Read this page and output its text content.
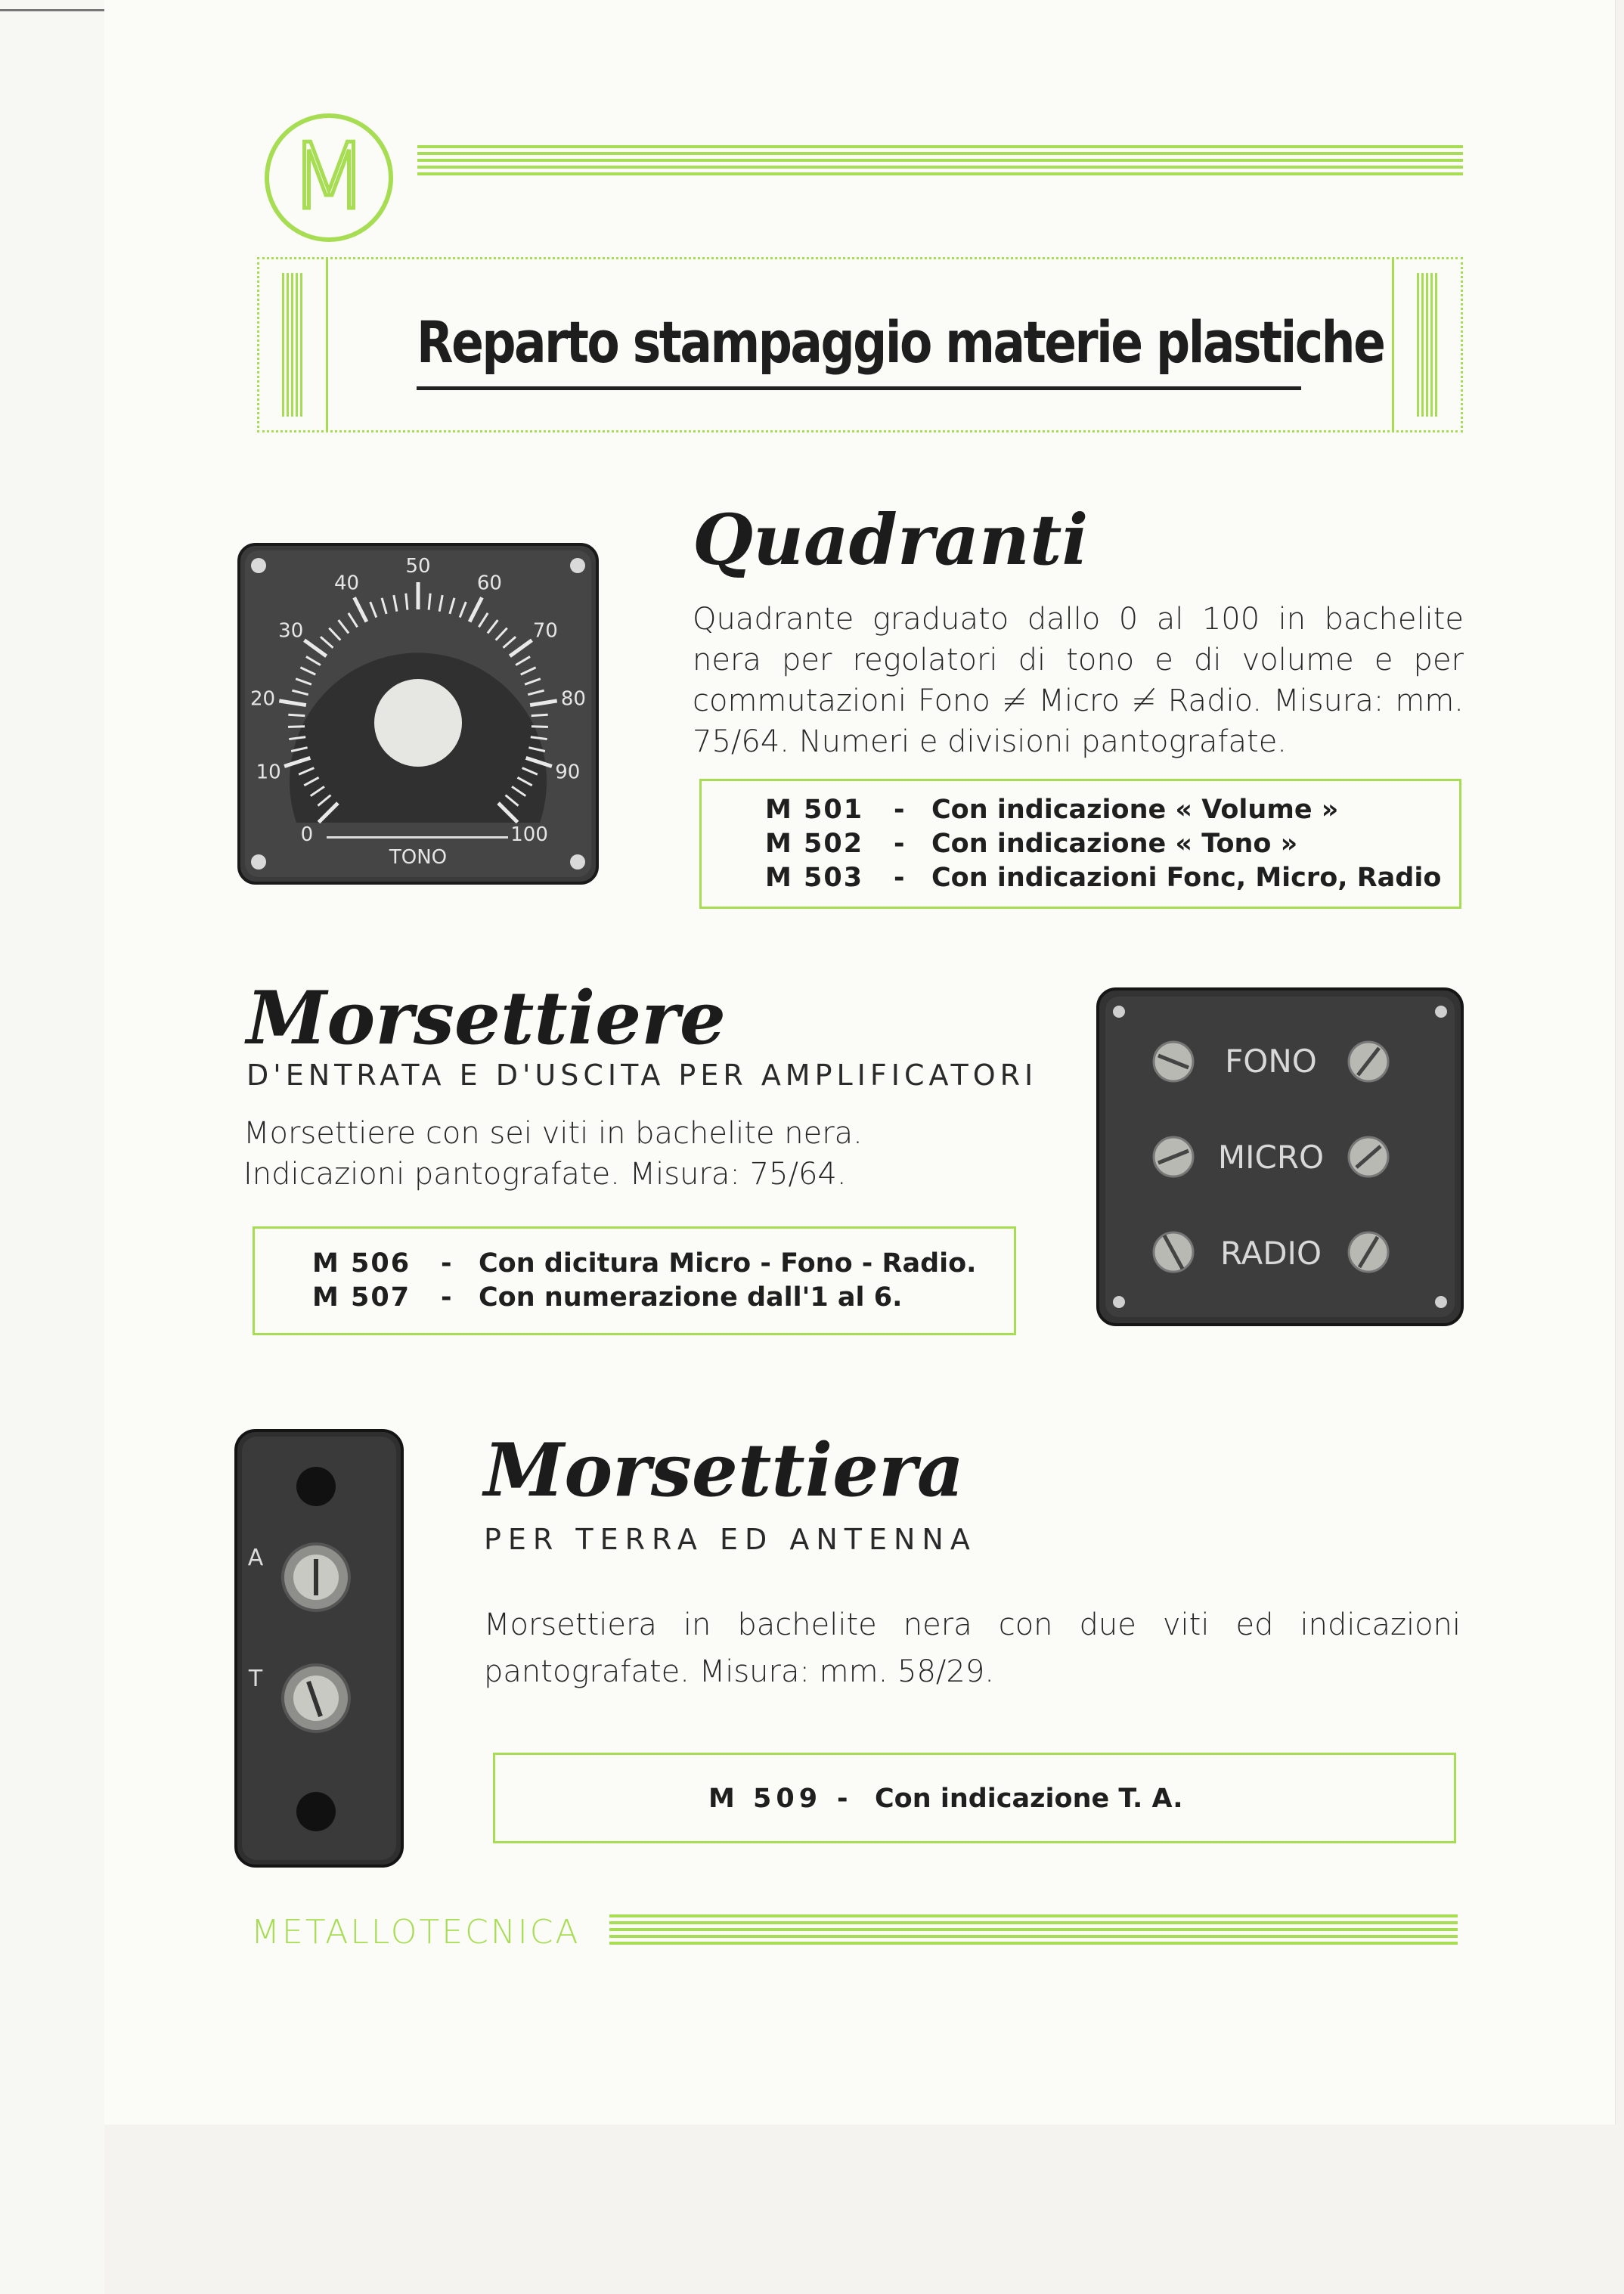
M
Reparto stampaggio materie plastiche
0
10
20
30
40
50
60
70
80
90
100
TONO
Quadranti
Quadrante graduato dallo 0 al 100 in bachelite nera per regolatori di tono e di volume e per commutazioni Fono ≠ Micro ≠ Radio. Misura: mm. 75/64. Numeri e divisioni pantografate.
M 501 - Con indicazione « Volume »
M 502 - Con indicazione « Tono »
M 503 - Con indicazioni Fonc, Micro, Radio
Morsettiere
D'ENTRATA E D'USCITA PER AMPLIFICATORI
Morsettiere con sei viti in bachelite nera. Indicazioni pantografate. Misura: 75/64.
M 506 - Con dicitura Micro - Fono - Radio.
M 507 - Con numerazione dall'1 al 6.
FONO
MICRO
RADIO
A
T
Morsettiera
PER TERRA ED ANTENNA
Morsettiera in bachelite nera con due viti ed indicazioni pantografate. Misura: mm. 58/29.
M 509 - Con indicazione T. A.
METALLOTECNICA
